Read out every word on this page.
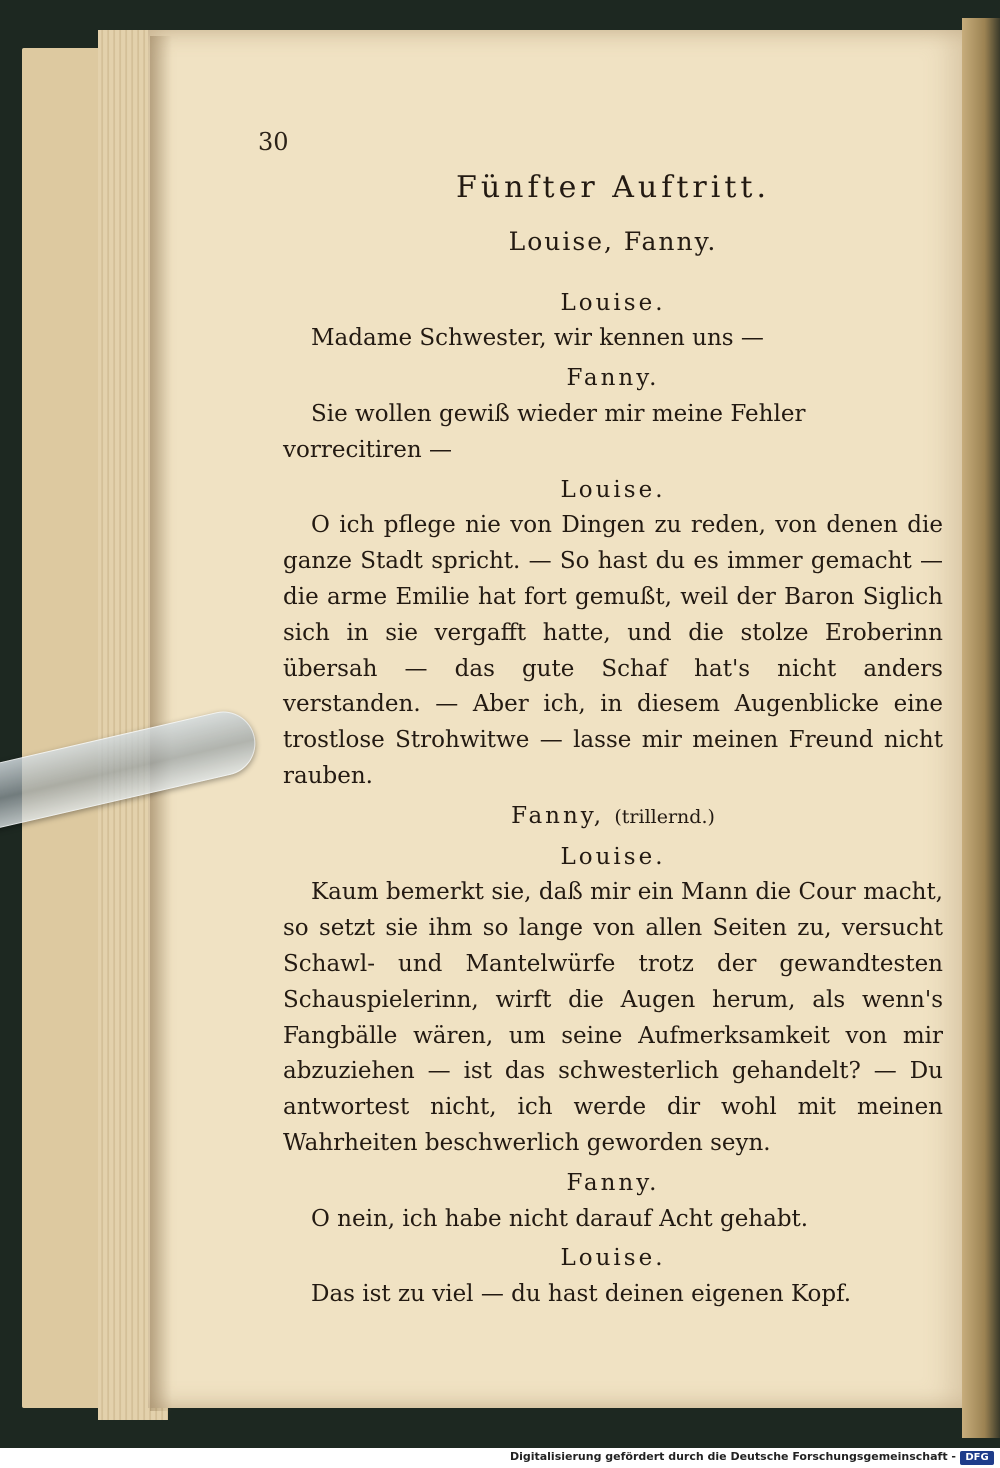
30
Fünfter Auftritt.
Louise, Fanny.
Louise.

Madame Schwester, wir kennen uns —

Fanny.

Sie wollen gewiß wieder mir meine Fehler vorrecitiren —

Louise.

O ich pflege nie von Dingen zu reden, von denen die ganze Stadt spricht. — So hast du es immer gemacht — die arme Emilie hat fort gemußt, weil der Baron Siglich sich in sie vergafft hatte, und die stolze Eroberinn übersah — das gute Schaf hat's nicht anders verstanden. — Aber ich, in diesem Augenblicke eine trostlose Strohwitwe — lasse mir meinen Freund nicht rauben.

Fanny, (trillernd.)
Louise.

Kaum bemerkt sie, daß mir ein Mann die Cour macht, so setzt sie ihm so lange von allen Seiten zu, versucht Schawl- und Mantelwürfe trotz der gewandtesten Schauspielerinn, wirft die Augen herum, als wenn's Fangbälle wären, um seine Aufmerksamkeit von mir abzuziehen — ist das schwesterlich gehandelt? — Du antwortest nicht, ich werde dir wohl mit meinen Wahrheiten beschwerlich geworden seyn.

Fanny.

O nein, ich habe nicht darauf Acht gehabt.

Louise.

Das ist zu viel — du hast deinen eigenen Kopf.

Digitalisierung gefördert durch die Deutsche Forschungsgemeinschaft - DFG
